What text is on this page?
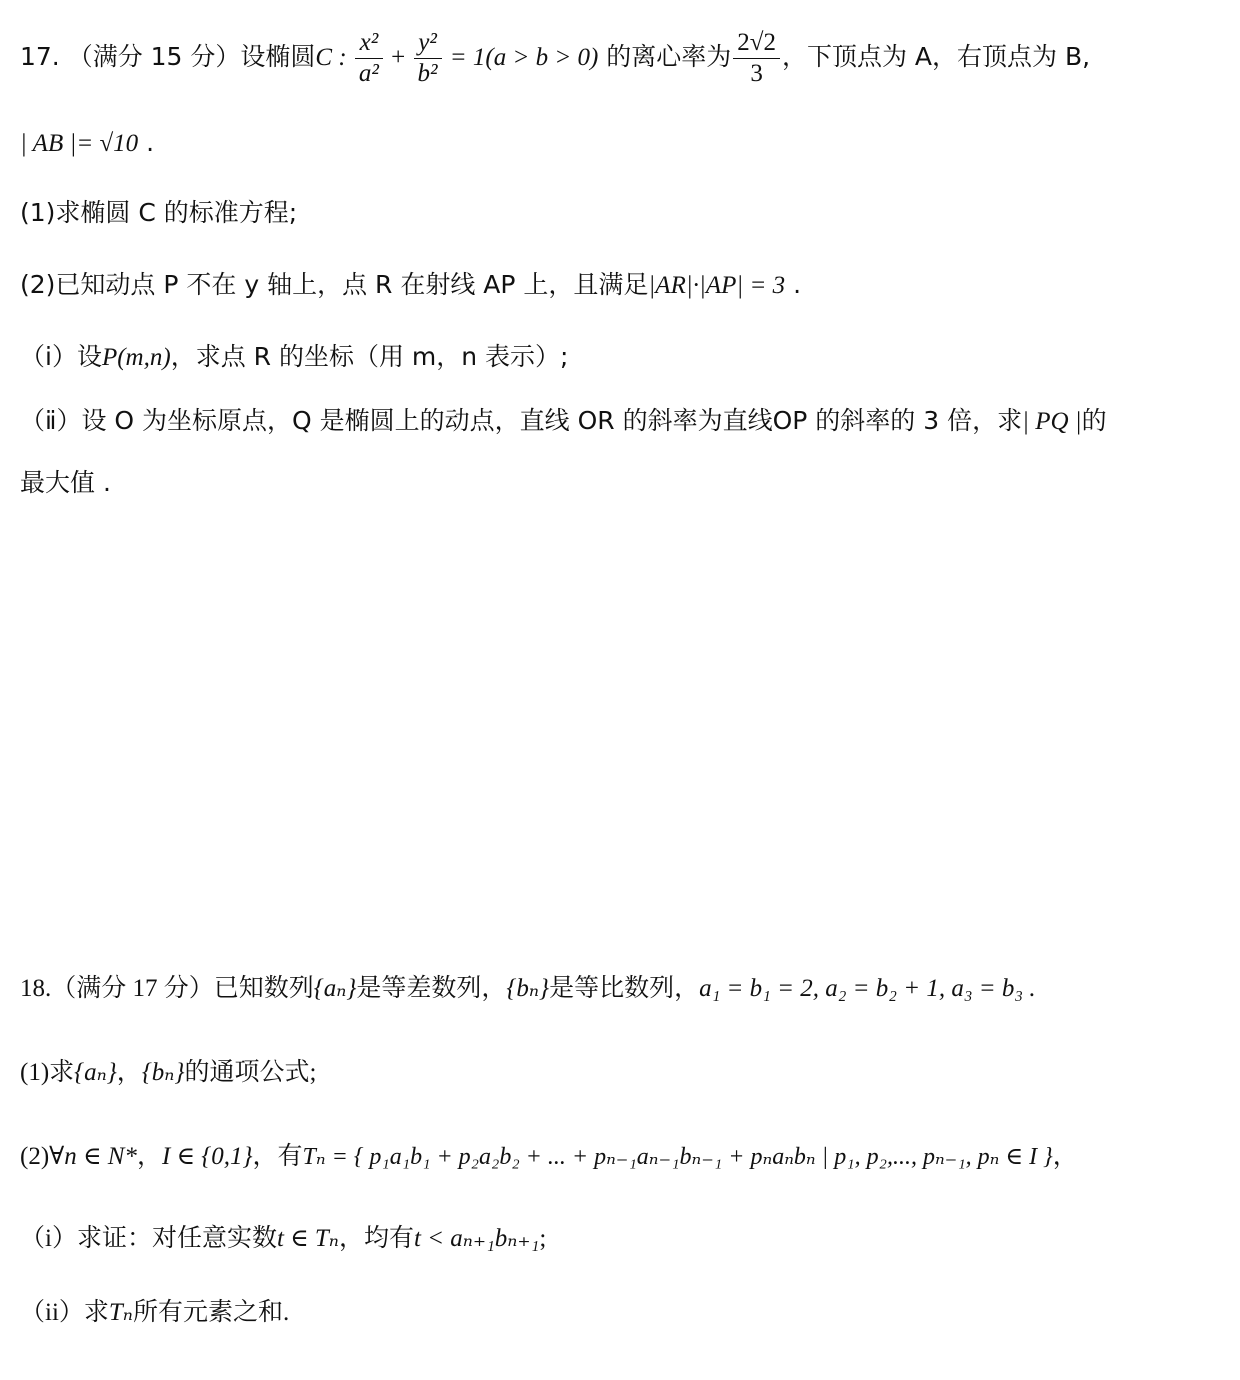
17. （满分 15 分）设椭圆C : $\frac{\text{x²}}{\text{a²}} + \frac{\text{y²}}{\text{b²}} = 1(a > b > 0)$ 的离心率为 $\frac{2√2}{3}$ ，下顶点为 A，右顶点为 B,
| AB |= √10 .
(1)求椭圆 C 的标准方程;
(2)已知动点 P 不在 y 轴上，点 R 在射线 AP 上，且满足|AR|·|AP| = 3 .
（i）设P(m,n)，求点 R 的坐标（用 m，n 表示）;
（ⅱ）设 O 为坐标原点，Q 是椭圆上的动点，直线 OR 的斜率为直线OP 的斜率的 3 倍，求| PQ |的
最大值 .
18.（满分 17 分）已知数列{aₙ}是等差数列，{bₙ}是等比数列，a₁ = b₁ = 2, a₂ = b₂ + 1, a₃ = b₃ .
(1)求{aₙ}，{bₙ}的通项公式;
(2)∀n ∈ N*，I ∈ {0,1}，有Tₙ = { p₁a₁b₁ + p₂a₂b₂ + ... + pₙ₋₁aₙ₋₁bₙ₋₁ + pₙaₙbₙ | p₁, p₂,..., pₙ₋₁, pₙ ∈ I }，
（i）求证：对任意实数t ∈ Tₙ，均有t < aₙ₊₁bₙ₊₁;
（ii）求Tₙ所有元素之和.
